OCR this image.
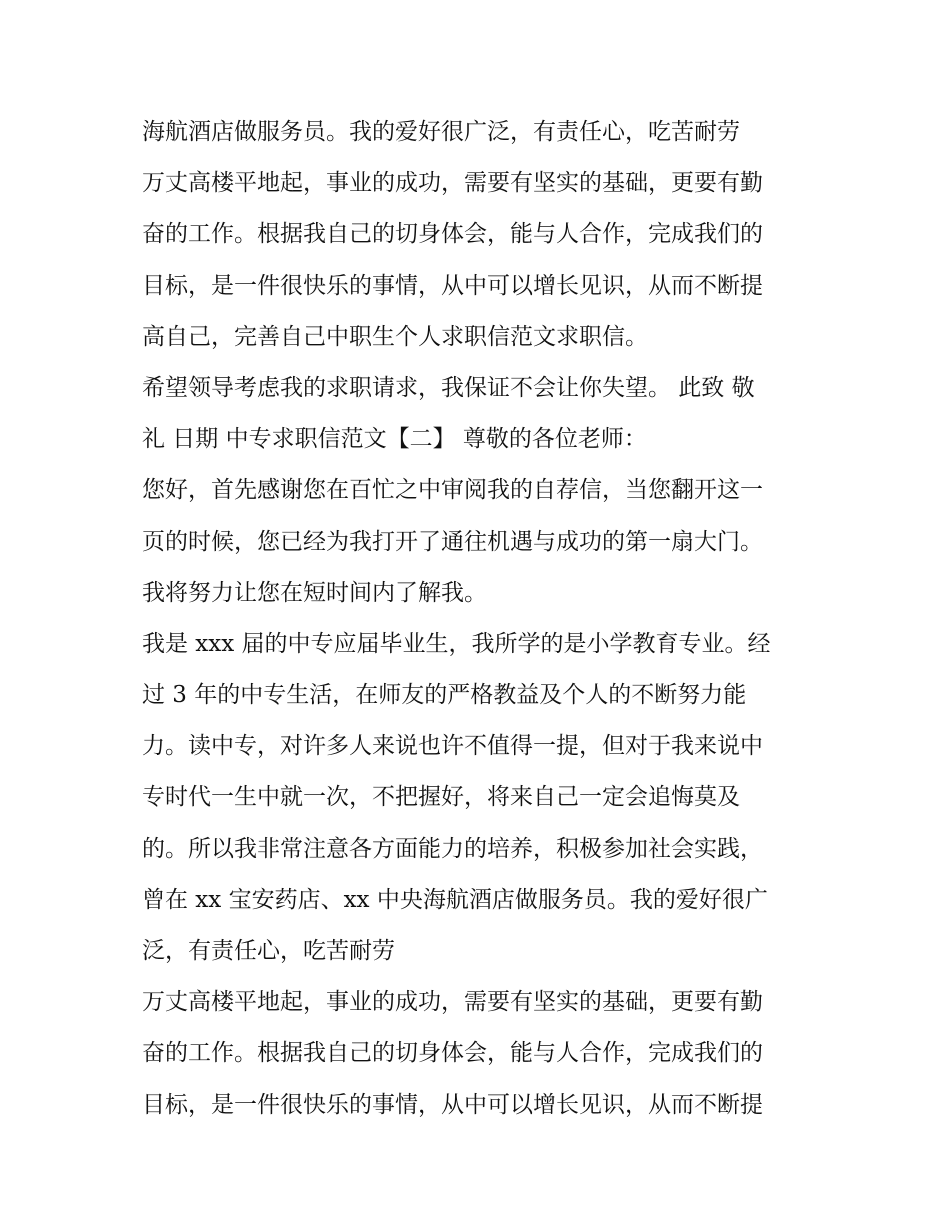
海航酒店做服务员。我的爱好很广泛，有责任心，吃苦耐劳
万丈高楼平地起，事业的成功，需要有坚实的基础，更要有勤
奋的工作。根据我自己的切身体会，能与人合作，完成我们的
目标，是一件很快乐的事情，从中可以增长见识，从而不断提
高自己，完善自己中职生个人求职信范文求职信。
希望领导考虑我的求职请求，我保证不会让你失望。 此致 敬
礼 日期 中专求职信范文【二】 尊敬的各位老师：
您好，首先感谢您在百忙之中审阅我的自荐信，当您翻开这一
页的时候，您已经为我打开了通往机遇与成功的第一扇大门。
我将努力让您在短时间内了解我。
我是 xxx 届的中专应届毕业生，我所学的是小学教育专业。经
过 3 年的中专生活，在师友的严格教益及个人的不断努力能
力。读中专，对许多人来说也许不值得一提，但对于我来说中
专时代一生中就一次，不把握好，将来自己一定会追悔莫及
的。所以我非常注意各方面能力的培养，积极参加社会实践，
曾在 xx 宝安药店、xx 中央海航酒店做服务员。我的爱好很广
泛，有责任心，吃苦耐劳
万丈高楼平地起，事业的成功，需要有坚实的基础，更要有勤
奋的工作。根据我自己的切身体会，能与人合作，完成我们的
目标，是一件很快乐的事情，从中可以增长见识，从而不断提
